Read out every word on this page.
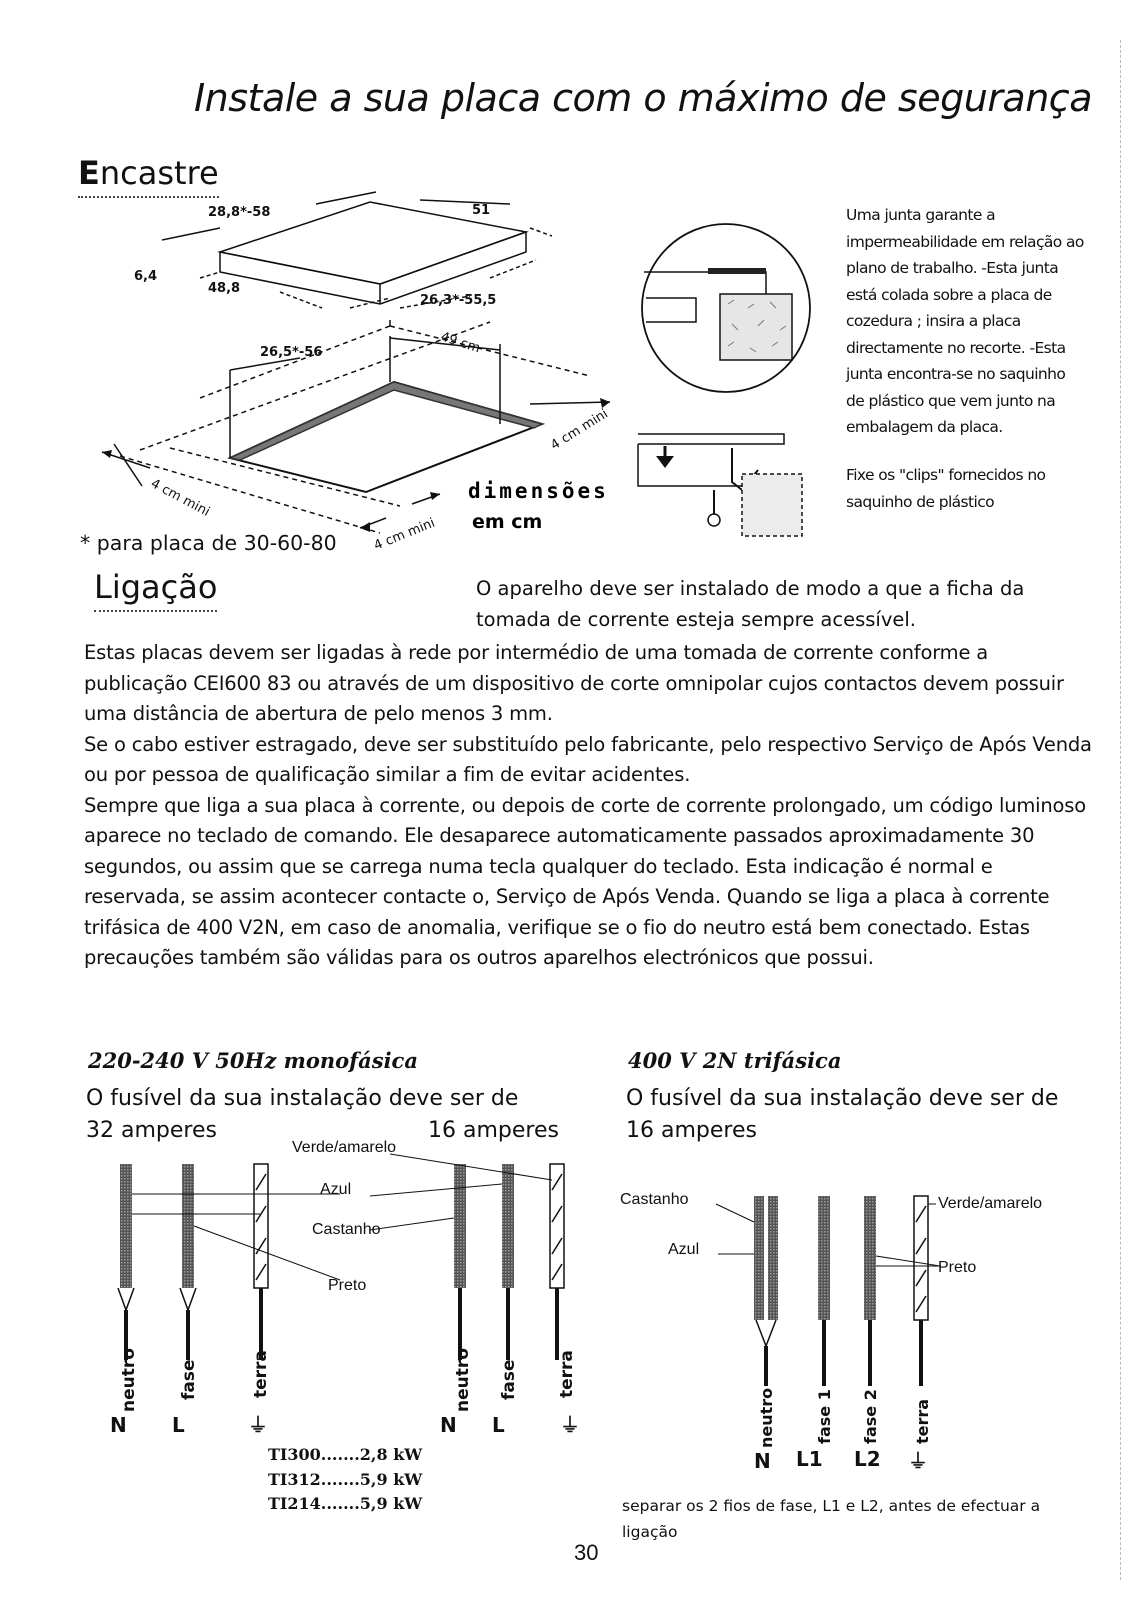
Instale a sua placa com o máximo de segurança
Encastre
28,8*-58	51
6,4
48,8
26,3*-55,5
26,5*-56	49 cm
4 cm mini
4 cm mini
4 cm mini
dimensões
em cm
Uma junta garante a impermeabilidade em relação ao plano de trabalho. -Esta junta está colada sobre a placa de cozedura ; insira a placa directamente no recorte. -Esta junta encontra-se no saquinho de plástico que vem junto na embalagem da placa.
Fixe os "clips" fornecidos no saquinho de plástico
* para placa de 30-60-80
Ligação	O aparelho deve ser instalado de modo a que a ficha da tomada de corrente esteja sempre acessível.

Estas placas devem ser ligadas à rede por intermédio de uma tomada de corrente conforme a publicação CEI600 83 ou através de um dispositivo de corte omnipolar cujos contactos devem possuir uma distância de abertura de pelo menos 3 mm.

Se o cabo estiver estragado, deve ser substituído pelo fabricante, pelo respectivo Serviço de Após Venda ou por pessoa de qualificação similar a fim de evitar acidentes.

Sempre que liga a sua placa à corrente, ou depois de corte de corrente prolongado, um código luminoso aparece no teclado de comando. Ele desaparece automaticamente passados aproximadamente 30 segundos, ou assim que se carrega numa tecla qualquer do teclado. Esta indicação é normal e reservada, se assim acontecer contacte o, Serviço de Após Venda. Quando se liga a placa à corrente trifásica de 400 V2N, em caso de anomalia, verifique se o fio do neutro está bem conectado. Estas precauções também são válidas para os outros aparelhos electrónicos que possui.

220-240 V 50Hz monofásica
O fusível da sua instalação deve ser de
32 amperes	16 amperes
Verde/amarelo
Azul
Castanho
Preto
neutro fase	terra	neutro fase terra
N L	⏚	N L	⏚
TI300.......2,8 kW
TI312.......5,9 kW
TI214.......5,9 kW
400 V 2N trifásica
O fusível da sua instalação deve ser de
16 amperes
Castanho
Azul
Verde/amarelo
Preto
neutro fase 1 fase 2 terra
N L1 L2 ⏚
separar os 2 fios de fase, L1 e L2, antes de efectuar a ligação
30
